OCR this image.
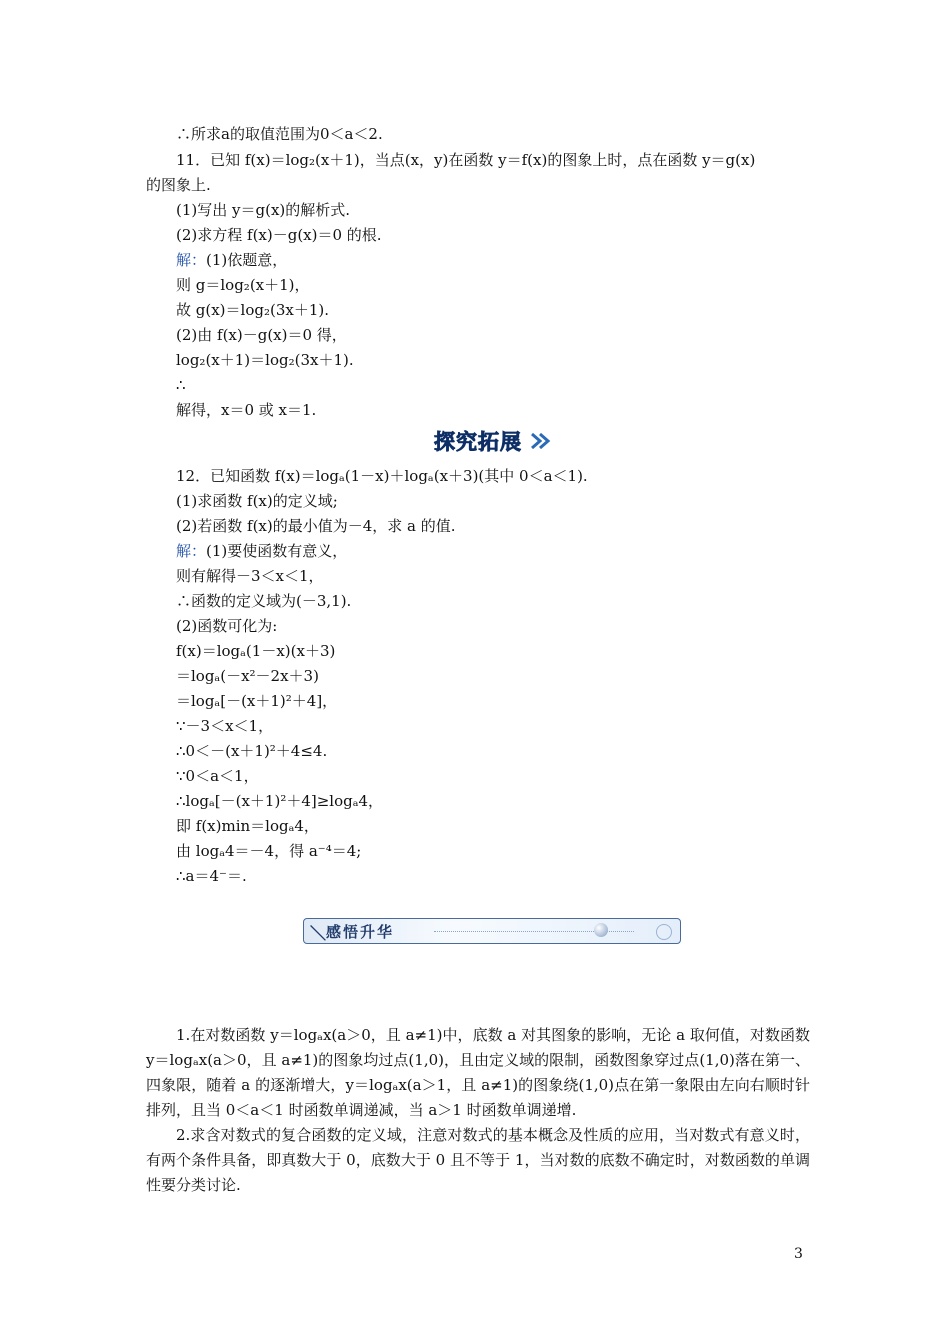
∴所求a的取值范围为0＜a＜2.
11．已知 f(x)＝log₂(x＋1)，当点(x，y)在函数 y＝f(x)的图象上时，点在函数 y＝g(x)
的图象上.
(1)写出 y＝g(x)的解析式.
(2)求方程 f(x)－g(x)＝0 的根.
解：(1)依题意，
则 g＝log₂(x＋1)，
故 g(x)＝log₂(3x＋1).
(2)由 f(x)－g(x)＝0 得，
log₂(x＋1)＝log₂(3x＋1).
∴
解得，x＝0 或 x＝1.
探究拓展
12．已知函数 f(x)＝logₐ(1－x)＋logₐ(x＋3)(其中 0＜a＜1).
(1)求函数 f(x)的定义域;
(2)若函数 f(x)的最小值为－4，求 a 的值.
解：(1)要使函数有意义，
则有解得－3＜x＜1，
∴函数的定义域为(－3,1).
(2)函数可化为:
f(x)＝logₐ(1－x)(x＋3)
＝logₐ(－x²－2x＋3)
＝logₐ[－(x＋1)²＋4]，
∵－3＜x＜1，
∴0＜－(x＋1)²＋4≤4.
∵0＜a＜1，
∴logₐ[－(x＋1)²＋4]≥logₐ4，
即 f(x)min＝logₐ4，
由 logₐ4＝－4，得 a⁻⁴＝4;
∴a＝4⁻＝.
＼ 感悟升华

1.在对数函数 y＝logₐx(a＞0，且 a≠1)中，底数 a 对其图象的影响，无论 a 取何值，对数函数 y＝logₐx(a＞0，且 a≠1)的图象均过点(1,0)，且由定义域的限制，函数图象穿过点(1,0)落在第一、四象限，随着 a 的逐渐增大，y＝logₐx(a＞1，且 a≠1)的图象绕(1,0)点在第一象限由左向右顺时针排列，且当 0＜a＜1 时函数单调递减，当 a＞1 时函数单调递增.

2.求含对数式的复合函数的定义域，注意对数式的基本概念及性质的应用，当对数式有意义时，有两个条件具备，即真数大于 0，底数大于 0 且不等于 1，当对数的底数不确定时，对数函数的单调性要分类讨论.

3
